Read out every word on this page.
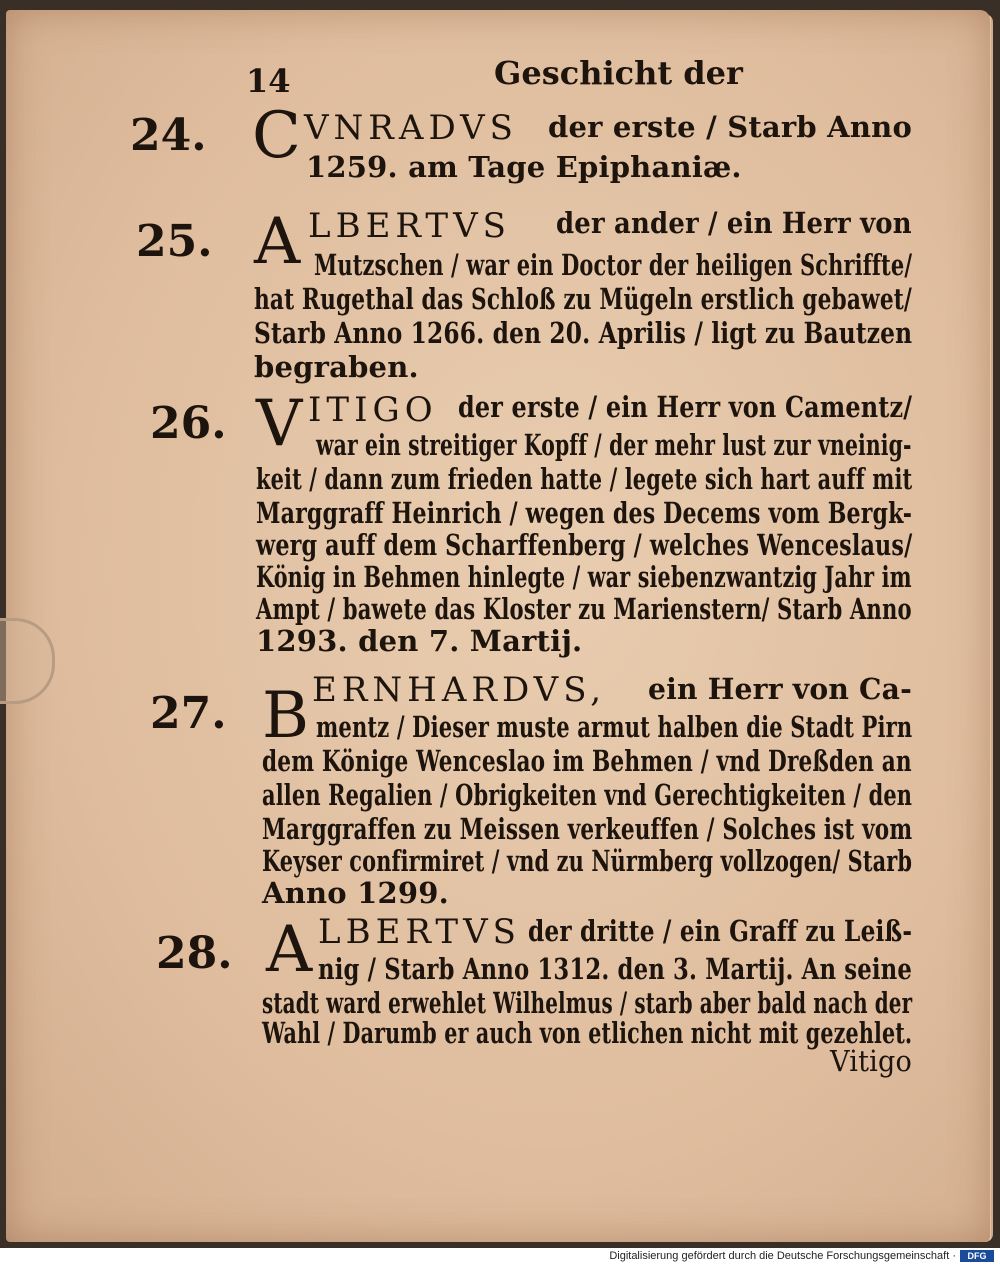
14	Geschicht der
24. C VNRADVS der erste / Starb Anno
1259. am Tage Epiphaniæ.
25. A LBERTVS der ander / ein Herr von
Mutzschen / war ein Doctor der heiligen Schriffte/
hat Rugethal das Schloß zu Mügeln erstlich gebawet/
Starb Anno 1266. den 20. Aprilis / ligt zu Bautzen
begraben.
26. V ITIGO der erste / ein Herr von Camentz/
war ein streitiger Kopff / der mehr lust zur vneinig-
keit / dann zum frieden hatte / legete sich hart auff mit
Marggraff Heinrich / wegen des Decems vom Bergk-
werg auff dem Scharffenberg / welches Wenceslaus/
König in Behmen hinlegte / war siebenzwantzig Jahr im
Ampt / bawete das Kloster zu Marienstern/ Starb Anno
1293. den 7. Martij.
27. B ERNHARDVS, ein Herr von Ca-
mentz / Dieser muste armut halben die Stadt Pirn
dem Könige Wenceslao im Behmen / vnd Dreßden an
allen Regalien / Obrigkeiten vnd Gerechtigkeiten / den
Marggraffen zu Meissen verkeuffen / Solches ist vom
Keyser confirmiret / vnd zu Nürmberg vollzogen/ Starb
Anno 1299.
28. A LBERTVS der dritte / ein Graff zu Leiß-
nig / Starb Anno 1312. den 3. Martij. An seine
stadt ward erwehlet Wilhelmus / starb aber bald nach der
Wahl / Darumb er auch von etlichen nicht mit gezehlet.
Vitigo
Digitalisierung gefördert durch die Deutsche Forschungsgemeinschaft ·	DFG
